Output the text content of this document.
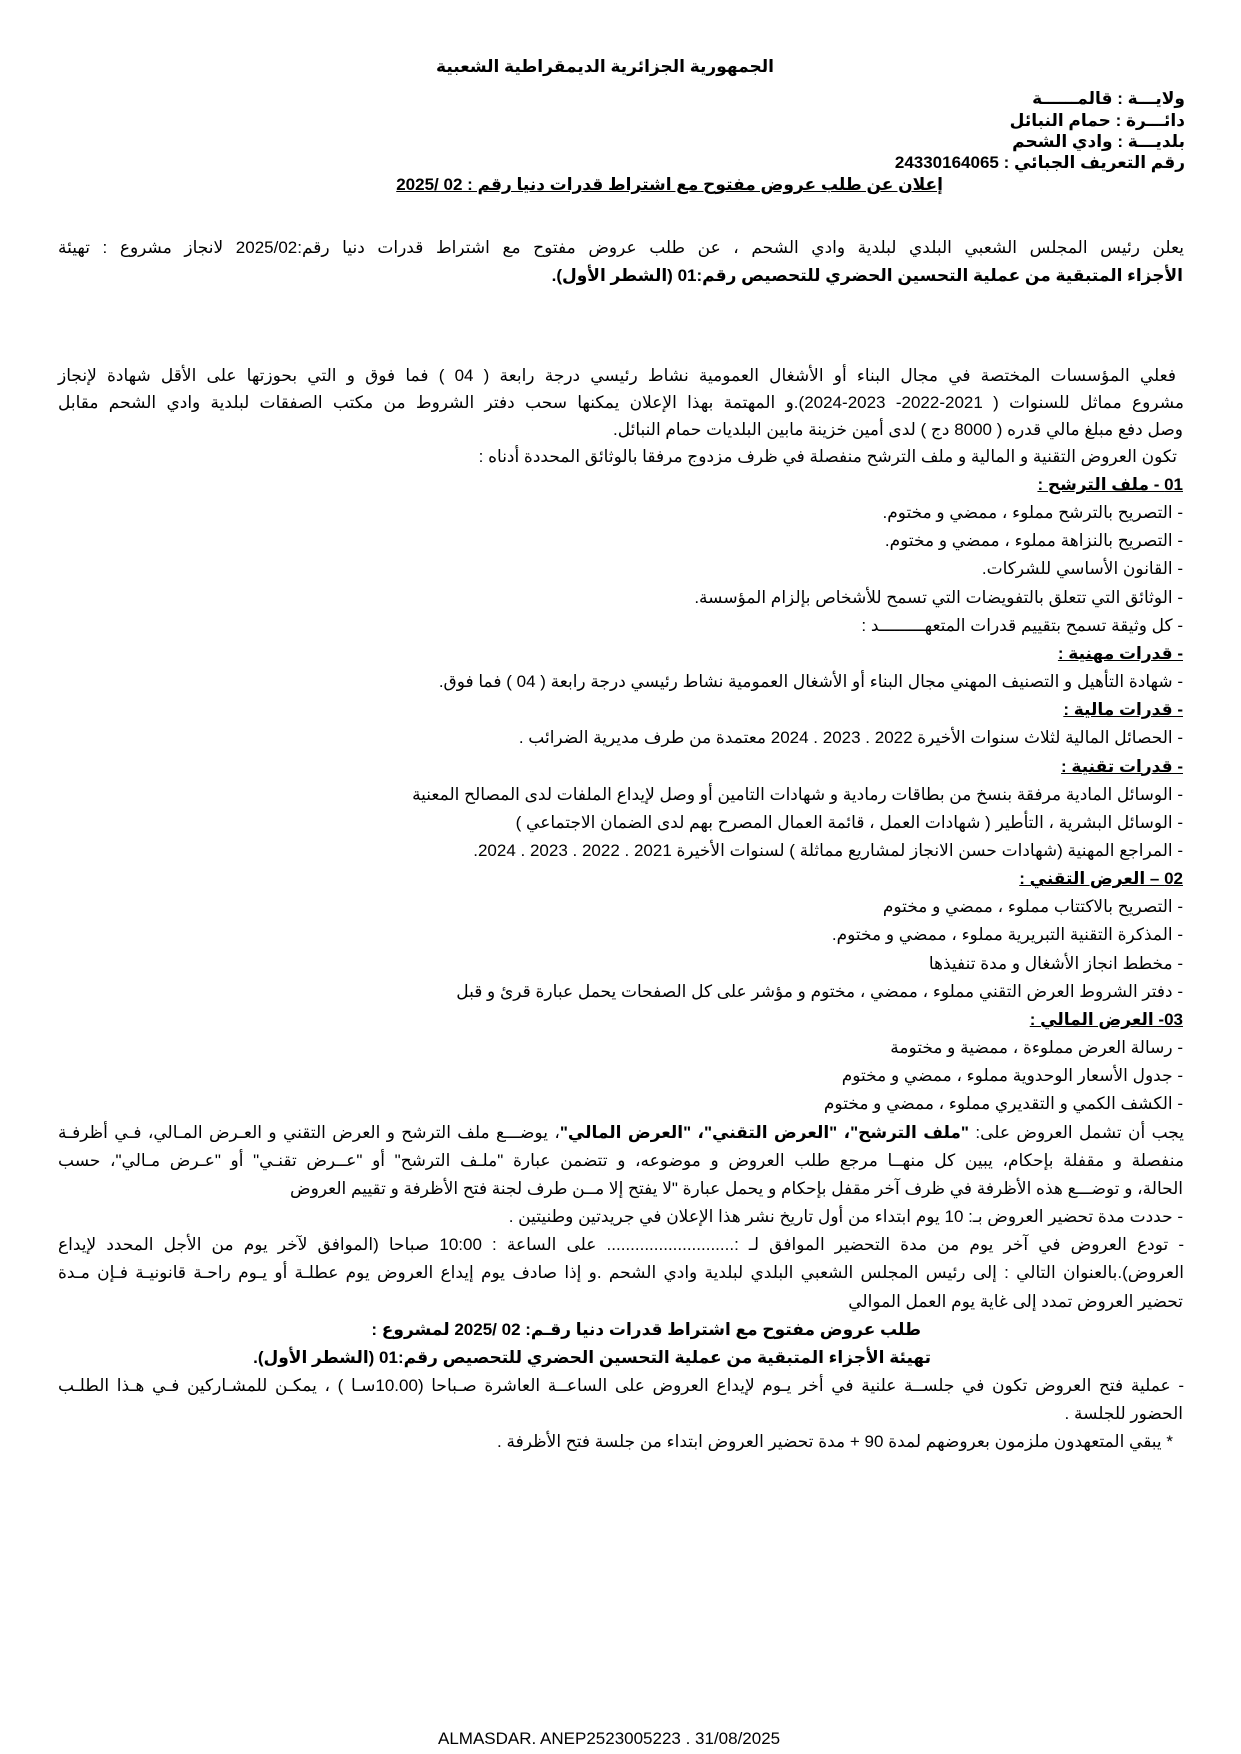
الجمهورية الجزائرية الديمقراطية الشعبية
ولايـــة : قالمــــــة
دائـــرة : حمام النبائل
بلديـــة : وادي الشحم
رقم التعريف الجبائي : 24330164065
إعلان عن طلب عروض مفتوح مع اشتراط قدرات دنيا رقم : 02 /2025
يعلن رئيس المجلس الشعبي البلدي لبلدية وادي الشحم ، عن طلب عروض مفتوح مع اشتراط قدرات دنيا رقم:2025/02 لانجاز مشروع : تهيئة
الأجزاء المتبقية من عملية التحسين الحضري للتحصيص رقم:01 (الشطر الأول).
فعلي المؤسسات المختصة في مجال البناء أو الأشغال العمومية نشاط رئيسي درجة رابعة ( 04 ) فما فوق و التي بحوزتها على الأقل شهادة لإنجاز
مشروع مماثل للسنوات ( 2021-2022- 2023-2024).و المهتمة بهذا الإعلان يمكنها سحب دفتر الشروط من مكتب الصفقات لبلدية وادي الشحم مقابل
وصل دفع مبلغ مالي قدره ( 8000 دج ) لدى أمين خزينة مابين البلديات حمام النبائل.
تكون العروض التقنية و المالية و ملف الترشح منفصلة في ظرف مزدوج مرفقا بالوثائق المحددة أدناه :
01 - ملف الترشح :
- التصريح بالترشح مملوء ، ممضي و مختوم.
- التصريح بالنزاهة مملوء ، ممضي و مختوم.
- القانون الأساسي للشركات.
- الوثائق التي تتعلق بالتفويضات التي تسمح للأشخاص بإلزام المؤسسة.
- كل وثيقة تسمح بتقييم قدرات المتعهـــــــــد :
- قدرات مهنية :
- شهادة التأهيل و التصنيف المهني مجال البناء أو الأشغال العمومية نشاط رئيسي درجة رابعة ( 04 ) فما فوق.
- قدرات مالية :
- الحصائل المالية لثلاث سنوات الأخيرة 2022 . 2023 . 2024 معتمدة من طرف مديرية الضرائب .
- قدرات تقنية :
- الوسائل المادية مرفقة بنسخ من بطاقات رمادية و شهادات التامين أو وصل لإيداع الملفات لدى المصالح المعنية
- الوسائل البشرية ، التأطير ( شهادات العمل ، قائمة العمال المصرح بهم لدى الضمان الاجتماعي )
- المراجع المهنية (شهادات حسن الانجاز لمشاريع مماثلة ) لسنوات الأخيرة 2021 . 2022 . 2023 . 2024.
02 – العرض التقني :
- التصريح بالاكتتاب مملوء ، ممضي و مختوم
- المذكرة التقنية التبريرية مملوء ، ممضي و مختوم.
- مخطط انجاز الأشغال و مدة تنفيذها
- دفتر الشروط العرض التقني مملوء ، ممضي ، مختوم و مؤشر على كل الصفحات يحمل عبارة قرئ و قبل
03- العرض المالي :
- رسالة العرض مملوءة ، ممضية و مختومة
- جدول الأسعار الوحدوية مملوء ، ممضي و مختوم
- الكشف الكمي و التقديري مملوء ، ممضي و مختوم
يجب أن تشمل العروض على: "ملف الترشح"، "العرض التقني"، "العرض المالي"، يوضـــع ملف الترشح و العرض التقني و العـرض المـالي، فـي أظرفـة
منفصلة و مقفلة بإحكام، يبين كل منهــا مرجع طلب العروض و موضوعه، و تتضمن عبارة "ملـف الترشح" أو "عــرض تقنـي" أو "عـرض مـالي"، حسب
الحالة، و توضـــع هذه الأظرفة في ظرف آخر مقفل بإحكام و يحمل عبارة "لا يفتح إلا مــن طرف لجنة فتح الأظرفة و تقييم العروض
- حددت مدة تحضير العروض بـ: 10 يوم ابتداء من أول تاريخ نشر هذا الإعلان في جريدتين وطنيتين .
- تودع العروض في آخر يوم من مدة التحضير الموافق لـ :........................... على الساعة : 10:00 صباحا (الموافق لآخر يوم من الأجل المحدد لإيداع
العروض).بالعنوان التالي : إلى رئيس المجلس الشعبي البلدي لبلدية وادي الشحم .و إذا صادف يوم إيداع العروض يوم عطلـة أو يـوم راحـة قانونيـة فـإن مـدة
تحضير العروض تمدد إلى غاية يوم العمل الموالي
طلب عروض مفتوح مع اشتراط قدرات دنيا رقـم: 02 /2025 لمشروع :
تهيئة الأجزاء المتبقية من عملية التحسين الحضري للتحصيص رقم:01 (الشطر الأول).
- عملية فتح العروض تكون في جلســة علنية في أخر يـوم لإيداع العروض على الساعــة العاشرة صـباحا (10.00سـا ) ، يمكـن للمشـاركين فـي هـذا الطلـب
الحضور للجلسة .
* يبقي المتعهدون ملزمون بعروضهم لمدة 90 + مدة تحضير العروض ابتداء من جلسة فتح الأظرفة .
ALMASDAR. ANEP2523005223 . 31/08/2025
